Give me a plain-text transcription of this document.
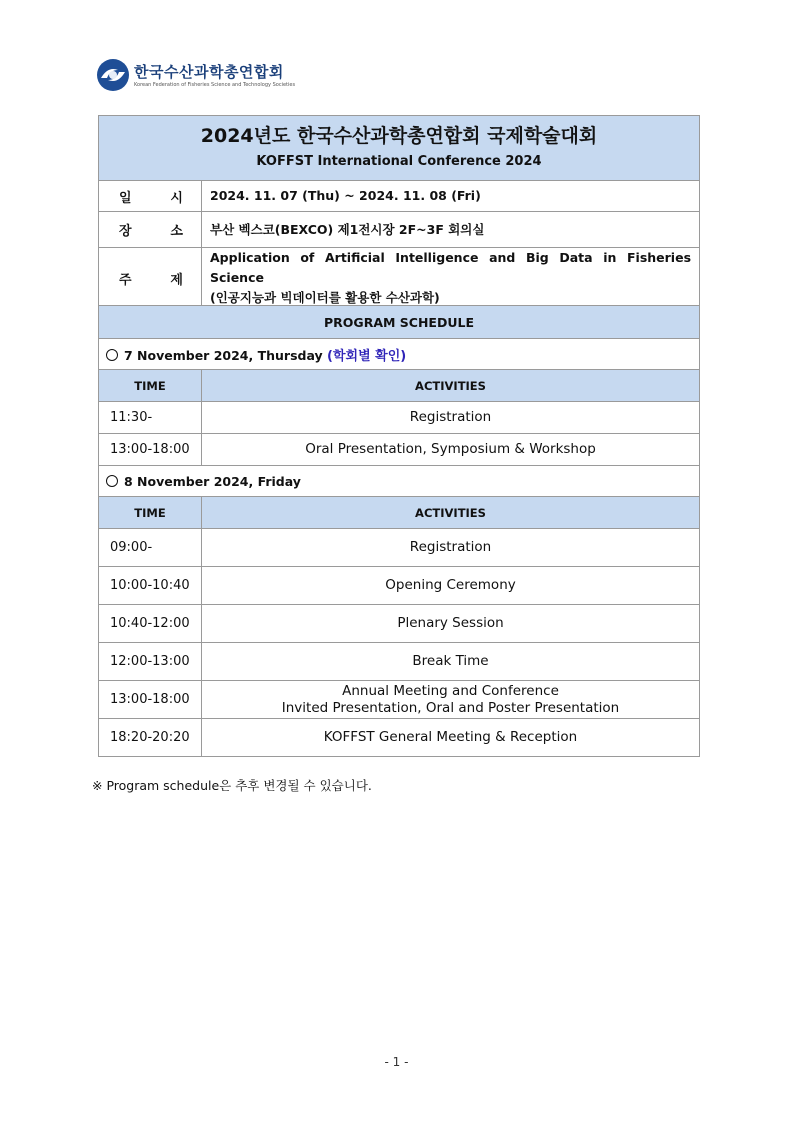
한국수산과학총연합회
Korean Federation of Fisheries Science and Technology Societies
2024년도 한국수산과학총연합회 국제학술대회
KOFFST International Conference 2024	

일 시	2024. 11. 07 (Thu) ~ 2024. 11. 08 (Fri)
장 소	부산 벡스코(BEXCO) 제1전시장 2F~3F 회의실
주 제	Application of Artificial Intelligence and Big Data in Fisheries Science
(인공지능과 빅데이터를 활용한 수산과학)
PROGRAM SCHEDULE	
7 November 2024, Thursday (학회별 확인)	
TIME	ACTIVITIES
11:30-	Registration
13:00-18:00	Oral Presentation, Symposium & Workshop
8 November 2024, Friday	
TIME	ACTIVITIES
09:00-	Registration
10:00-10:40	Opening Ceremony
10:40-12:00	Plenary Session
12:00-13:00	Break Time
13:00-18:00	Annual Meeting and Conference
Invited Presentation, Oral and Poster Presentation

18:20-20:20	KOFFST General Meeting & Reception
※ Program schedule은 추후 변경될 수 있습니다.
- 1 -
